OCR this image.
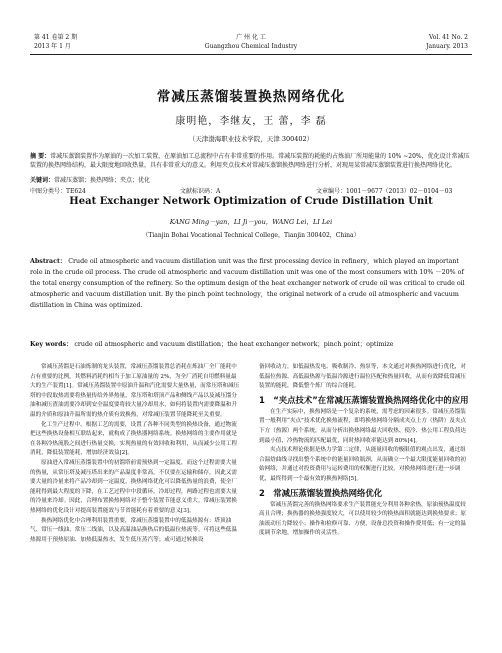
第 41 卷第 2 期	广 州 化 工	Vol. 41 No. 2
2013 年 1 月	Guangzhou Chemical Industry	January. 2013
常减压蒸馏装置换热网络优化
康明艳，李继友，王 蕾，李 磊
（天津渤海职业技术学院，天津 300402）
摘 要：常减压蒸馏装置作为原油的一次加工装置，在原油加工总流程中占有非常重要的作用。常减压装置的耗能约占炼油厂所用能量的 10% ~20%，优化设计常减压装置的换热网络结构，最大限度地回收热量，具有非常重大的意义。利用夹点技术对常减压蒸馏换热网络进行分析，对现用某常减压蒸馏装置进行换热网络优化。
关键词：常减压蒸馏；换热网络；夹点；优化
中图分类号：TE624	文献标识码：A	文章编号：1001－9677（2013）02－0104－03
Heat Exchanger Network Optimization of Crude Distillation Unit
KANG Ming－yan，LI Ji－you，WANG Lei，LI Lei
（Tianjin Bohai Vocational Technical College，Tianjin 300402，China）
Abstract： Crude oil atmospheric and vacuum distillation unit was the first processing device in refinery，which played an important role in the crude oil process. The crude oil atmospheric and vacuum distillation unit was one of the most consumers with 10% －20% of the total energy consumption of the refinery. So the optimum design of the heat exchanger network of crude oil was critical to crude oil atmospheric and vacuum distillation unit. By the pinch point technology，the original network of a crude oil atmospheric and vacuum distillation in China was optimized.
Key words： crude oil atmospheric and vacuum distillation；the heat exchanger network；pinch point；optimize

常减压蒸馏是石油炼制的龙头装置，常减压蒸馏装置总消耗在炼油厂全厂能耗中占有重要的比例，其燃料消耗约相当于加工原油量的 2%，为全厂消耗自用燃料量最大的生产装置[1]。常减压蒸馏装置中原油升温和汽化需要大量热量，而常压塔和减压塔的中段取热需要将热量传给外界热量，常压塔和塔顶产品和侧线产品以及减压馏分油和减压渣油需要冷却到安全温度要将较大量冷却用水，如何将装置内需要降温和升温的介质和原油升温所需的热介质有效换热，对常减压装置节能降耗至关重要。

化工生产过程中，根据工艺的需要，设置了各种不同类型的换热设备，通过物流把这些换热设备相互联结起来，就构成了换热器网络系统。换热网络的主要作用就是在各种冷热流股之间进行热量交换，实现热量的有效回收和利用，从而减少公用工程消耗，降低装置能耗，增加经济效益[2]。

原油进入常减压蒸馏装置中的初馏塔前需预热到一定温度，而这个过程需要大量的热量，从常压塔及减压塔出来的产品温度非常高，不仅要在运输和储存，因此又需要大量的冷量来将产品冷却到一定温度，换热网络优化可以降低热量的浪费，使全厂能耗得到最大程度的下降，在工艺过程中中段循环，冷却过程，两路过程也需要大量的冷量来冷却。因此，合理布置换热网络对于整个装置节能意义重大。常减压装置换热网络的优化设计对提高装置能效与节省能耗有着重要的意义[3]。

换热网络优化中合理利用装置重要，常减压蒸馏装置中的低温热源有：塔顶油气、常压一线油、常压二线油，以及高温油品换热后的低温位热流等。可将这些低温热源用于预热原油、加热低温热水，发生低压蒸汽等；或可通过转换设

备回收动力，如低温热发电、吸收制冷、热泵等，本文通过对换热网络进行优化，对低温位热源、高低温热源与低温冷源进行温位匹配和热量回收，从而有效降低常减压装置的能耗，降低整个炼厂的综合能耗。

1　“夹点技术”在常减压蒸馏装置换热网络优化中的应用

在生产实际中，换热网络是一个复杂的系统，需考虑的因素很多。常减压蒸馏装置一般利用“夹点”技术优化换热流程，即将换热网络分隔成夹点上方（热阱）及夹点下方（热源）两个系统，从而分析出换热网络最大回收热、使冷、热公用工程负荷达到最小值，冷热物流的匹配最优，同时热回收率能达到 80%[4]。

夹点技术理论依据是热力学第二定律，从能量回收的极限值的观点出发，通过组合温焓曲线寻找出整个系统中的能量回收瓶颈，从而确立一个最大限度能量回收的初始网络，并通过对投资费用与运转费用的权衡进行比较，对换热网络进行进一步调优，最终得到一个最有效的换热网络[5]。

2　常减压蒸馏装置换热网络优化

常减压蒸馏完善的换热网络要求生产装置能充分利用各种余热，原油预热温度较高且合理；换热器的换热强度较大，可以使用较少的换热面积就能达到换热要求；原油流动压力降较小；操作和检修可靠、方便，设备总投资和操作费用低；有一定的温度调节余地，增加操作的灵活性。
